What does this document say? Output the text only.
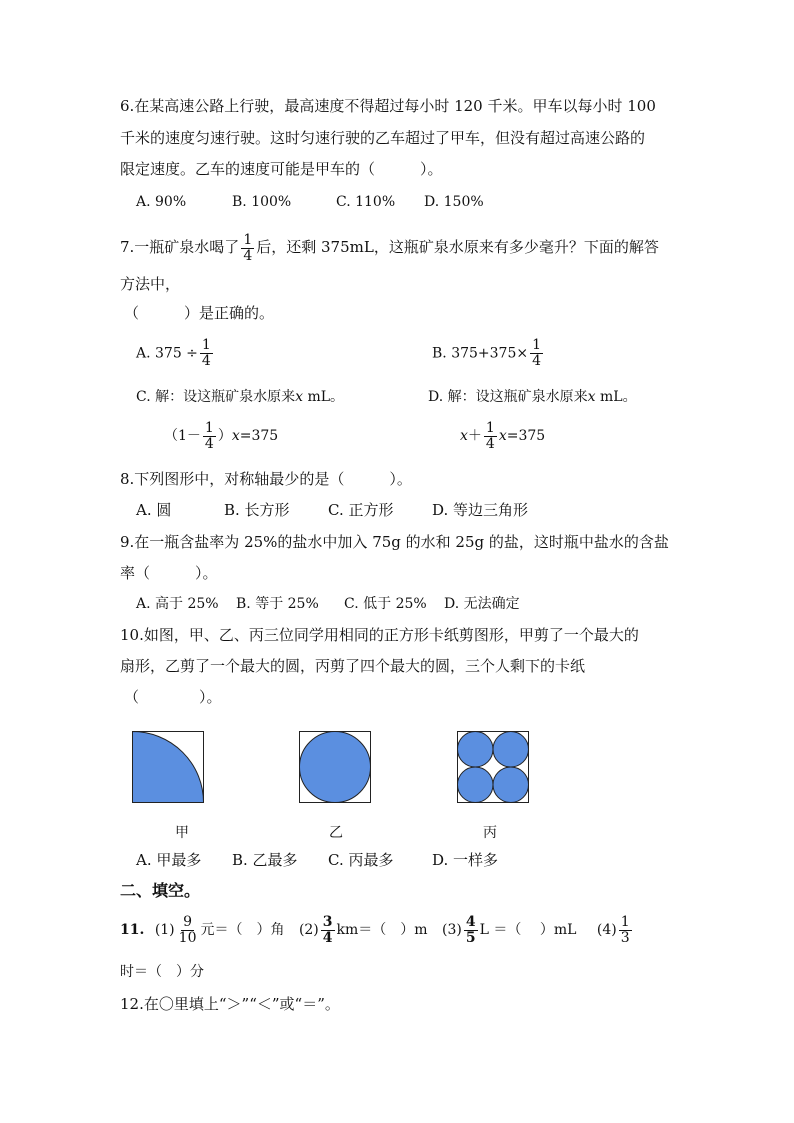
6.在某高速公路上行驶，最高速度不得超过每小时 120 千米。甲车以每小时 100
千米的速度匀速行驶。这时匀速行驶的乙车超过了甲车，但没有超过高速公路的
限定速度。乙车的速度可能是甲车的（　　　）。
A. 90%	B. 100%	C. 110% D. 150%
7.一瓶矿泉水喝了 $\frac{1}{4}$ 后，还剩 375mL，这瓶矿泉水原来有多少毫升？下面的解答
方法中，
（　　　）是正确的。
A. $375 \div \frac{1}{4}$	B. $375+375\times \frac{1}{4}$
C. 解：设这瓶矿泉水原来x mL。	D. 解：设这瓶矿泉水原来x mL。
$(1- \frac{1}{4} )x=375$	$x+ \frac{1}{4} x=375$
8.下列图形中，对称轴最少的是（　　　）。
A. 圆	B. 长方形	C. 正方形	D. 等边三角形
9.在一瓶含盐率为 25%的盐水中加入 75g 的水和 25g 的盐，这时瓶中盐水的含盐
率（　　　）。
A. 高于 25% B. 等于 25% C. 低于 25% D. 无法确定
10.如图，甲、乙、丙三位同学用相同的正方形卡纸剪图形，甲剪了一个最大的
扇形，乙剪了一个最大的圆，丙剪了四个最大的圆，三个人剩下的卡纸
（　　　　）。
甲	乙	丙
A. 甲最多 B. 乙最多 C. 丙最多	D. 一样多
二、填空。
11. $(1) \frac{9}{10}$ 元＝（　）角 $(2) \frac{3}{4} km=$（　）m $(3) \frac{4}{5}$ L ＝（　 ）mL $(4) \frac{1}{3}$
时＝（　）分
12.在〇里填上“＞”“＜”或“＝”。
